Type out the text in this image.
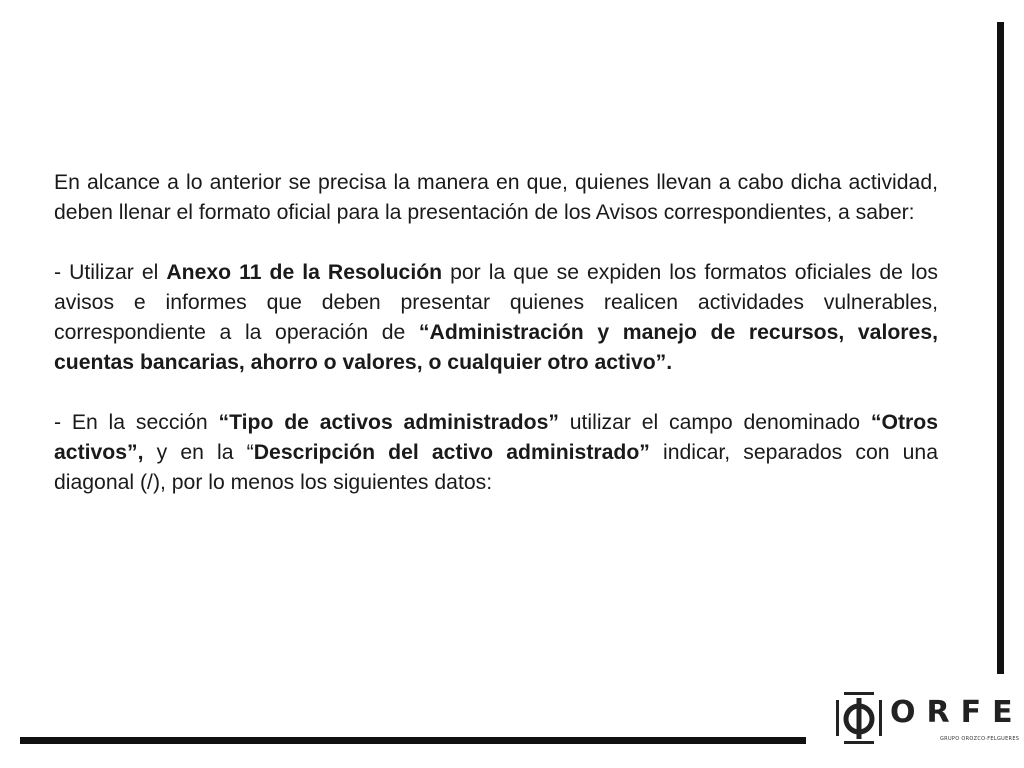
En alcance a lo anterior se precisa la manera en que, quienes llevan a cabo dicha actividad, deben llenar el formato oficial para la presentación de los Avisos correspondientes, a saber:

- Utilizar el Anexo 11 de la Resolución por la que se expiden los formatos oficiales de los avisos e informes que deben presentar quienes realicen actividades vulnerables, correspondiente a la operación de “Administración y manejo de recursos, valores, cuentas bancarias, ahorro o valores, o cualquier otro activo”.

- En la sección “Tipo de activos administrados” utilizar el campo denominado “Otros activos”, y en la “Descripción del activo administrado” indicar, separados con una diagonal (/), por lo menos los siguientes datos:

ORFE
GRUPO OROZCO·FELGUERES
